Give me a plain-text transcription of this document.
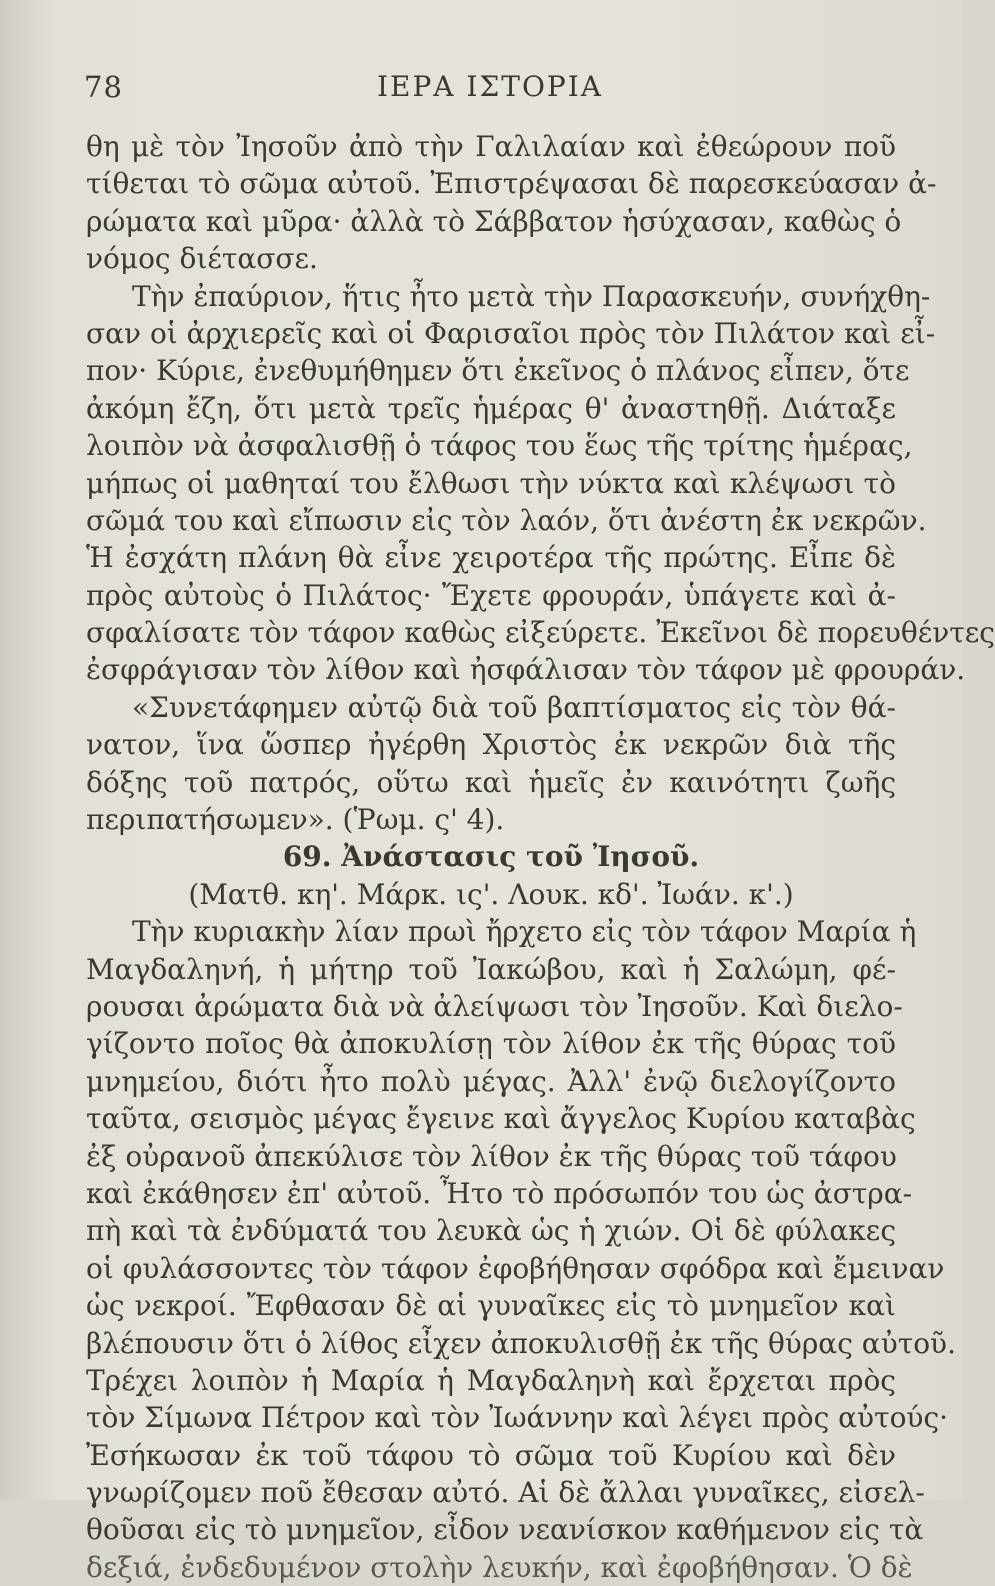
78	ΙΕΡΑ ΙΣΤΟΡΙΑ
θη μὲ τὸν Ἰησοῦν ἀπὸ τὴν Γαλιλαίαν καὶ ἐθεώρουν ποῦ
τίθεται τὸ σῶμα αὐτοῦ. Ἐπιστρέψασαι δὲ παρεσκεύασαν ἀ-
ρώματα καὶ μῦρα· ἀλλὰ τὸ Σάββατον ἡσύχασαν, καθὼς ὁ
νόμος διέτασσε.
Τὴν ἐπαύριον, ἥτις ἦτο μετὰ τὴν Παρασκευήν, συνήχθη-
σαν οἱ ἀρχιερεῖς καὶ οἱ Φαρισαῖοι πρὸς τὸν Πιλάτον καὶ εἶ-
πον· Κύριε, ἐνεθυμήθημεν ὅτι ἐκεῖνος ὁ πλάνος εἶπεν, ὅτε
ἀκόμη ἔζη, ὅτι μετὰ τρεῖς ἡμέρας θ' ἀναστηθῇ. Διάταξε
λοιπὸν νὰ ἀσφαλισθῇ ὁ τάφος του ἕως τῆς τρίτης ἡμέρας,
μήπως οἱ μαθηταί του ἔλθωσι τὴν νύκτα καὶ κλέψωσι τὸ
σῶμά του καὶ εἴπωσιν εἰς τὸν λαόν, ὅτι ἀνέστη ἐκ νεκρῶν.
Ἡ ἐσχάτη πλάνη θὰ εἶνε χειροτέρα τῆς πρώτης. Εἶπε δὲ
πρὸς αὐτοὺς ὁ Πιλάτος· Ἔχετε φρουράν, ὑπάγετε καὶ ἀ-
σφαλίσατε τὸν τάφον καθὼς εἰξεύρετε. Ἐκεῖνοι δὲ πορευθέντες
ἐσφράγισαν τὸν λίθον καὶ ἠσφάλισαν τὸν τάφον μὲ φρουράν.
«Συνετάφημεν αὐτῷ διὰ τοῦ βαπτίσματος εἰς τὸν θά-
νατον, ἵνα ὥσπερ ἠγέρθη Χριστὸς ἐκ νεκρῶν διὰ τῆς
δόξης τοῦ πατρός, οὕτω καὶ ἡμεῖς ἐν καινότητι ζωῆς
περιπατήσωμεν». (Ῥωμ. ς' 4).
69. Ἀνάστασις τοῦ Ἰησοῦ.
(Ματθ. κη'. Μάρκ. ις'. Λουκ. κδ'. Ἰωάν. κ'.)
Τὴν κυριακὴν λίαν πρωὶ ἤρχετο εἰς τὸν τάφον Μαρία ἡ
Μαγδαληνή, ἡ μήτηρ τοῦ Ἰακώβου, καὶ ἡ Σαλώμη, φέ-
ρουσαι ἀρώματα διὰ νὰ ἀλείψωσι τὸν Ἰησοῦν. Καὶ διελο-
γίζοντο ποῖος θὰ ἀποκυλίσῃ τὸν λίθον ἐκ τῆς θύρας τοῦ
μνημείου, διότι ἦτο πολὺ μέγας. Ἀλλ' ἐνῷ διελογίζοντο
ταῦτα, σεισμὸς μέγας ἔγεινε καὶ ἄγγελος Κυρίου καταβὰς
ἐξ οὐρανοῦ ἀπεκύλισε τὸν λίθον ἐκ τῆς θύρας τοῦ τάφου
καὶ ἐκάθησεν ἐπ' αὐτοῦ. Ἦτο τὸ πρόσωπόν του ὡς ἀστρα-
πὴ καὶ τὰ ἐνδύματά του λευκὰ ὡς ἡ χιών. Οἱ δὲ φύλακες
οἱ φυλάσσοντες τὸν τάφον ἐφοβήθησαν σφόδρα καὶ ἔμειναν
ὡς νεκροί. Ἔφθασαν δὲ αἱ γυναῖκες εἰς τὸ μνημεῖον καὶ
βλέπουσιν ὅτι ὁ λίθος εἶχεν ἀποκυλισθῇ ἐκ τῆς θύρας αὐτοῦ.
Τρέχει λοιπὸν ἡ Μαρία ἡ Μαγδαληνὴ καὶ ἔρχεται πρὸς
τὸν Σίμωνα Πέτρον καὶ τὸν Ἰωάννην καὶ λέγει πρὸς αὐτούς·
Ἐσήκωσαν ἐκ τοῦ τάφου τὸ σῶμα τοῦ Κυρίου καὶ δὲν
γνωρίζομεν ποῦ ἔθεσαν αὐτό. Αἱ δὲ ἄλλαι γυναῖκες, εἰσελ-
θοῦσαι εἰς τὸ μνημεῖον, εἶδον νεανίσκον καθήμενον εἰς τὰ
δεξιά, ἐνδεδυμένον στολὴν λευκήν, καὶ ἐφοβήθησαν. Ὁ δὲ
